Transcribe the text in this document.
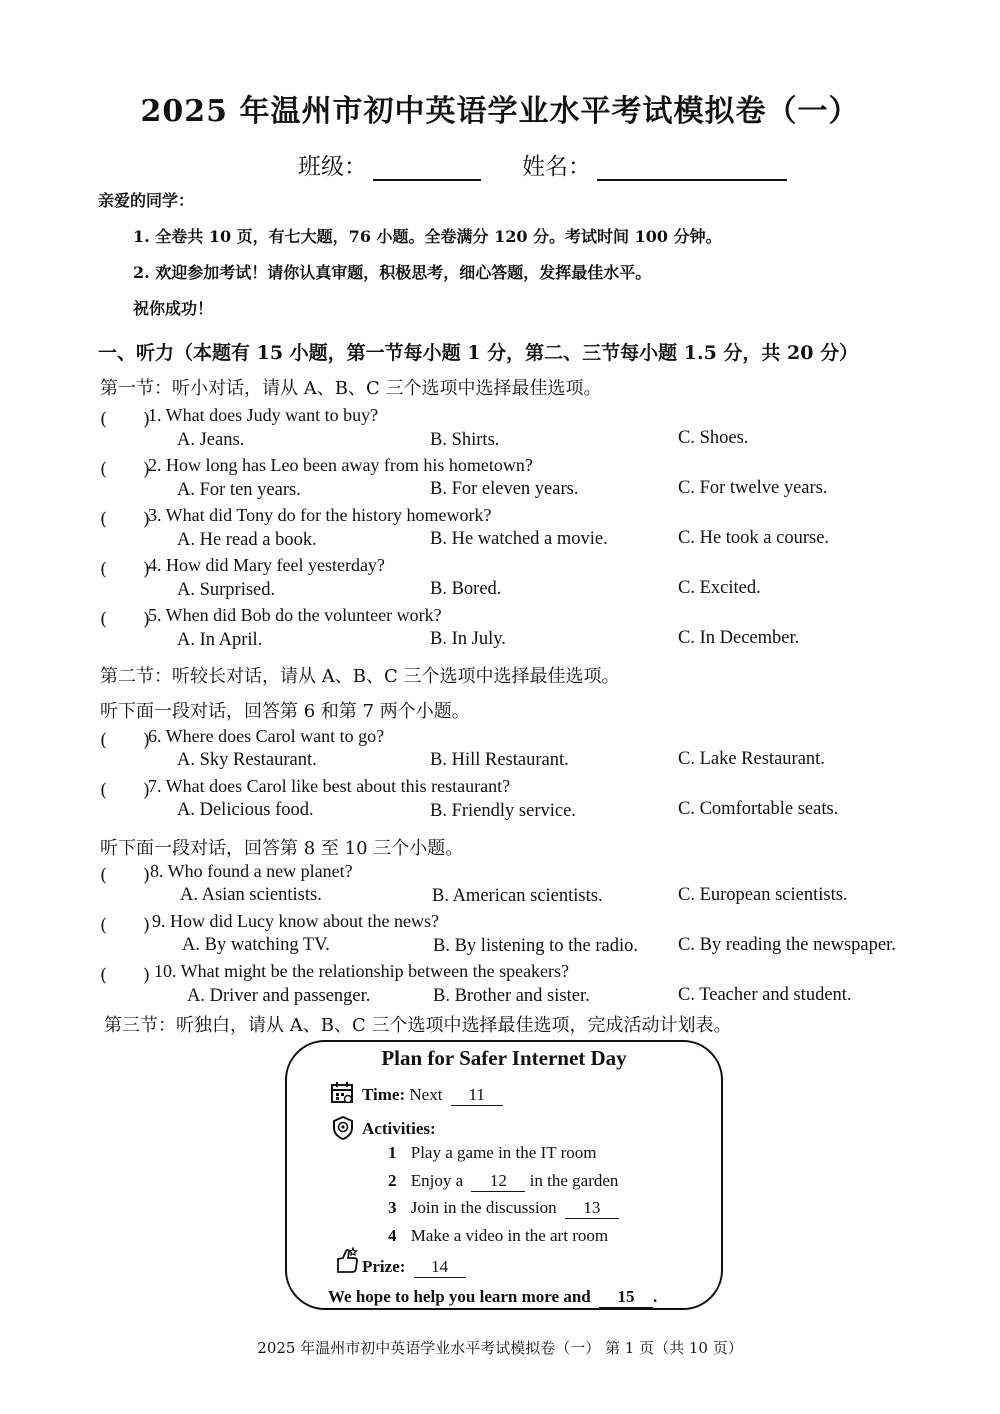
2025 年温州市初中英语学业水平考试模拟卷（一）
班级：	姓名：
亲爱的同学：
1. 全卷共 10 页，有七大题，76 小题。全卷满分 120 分。考试时间 100 分钟。
2. 欢迎参加考试！请你认真审题，积极思考，细心答题，发挥最佳水平。
祝你成功！
一、听力（本题有 15 小题，第一节每小题 1 分，第二、三节每小题 1.5 分，共 20 分）
第一节：听小对话，请从 A、B、C 三个选项中选择最佳选项。
(　　)
1. What does Judy want to buy?
A. Jeans.	B. Shirts.	C. Shoes.
(　　)
2. How long has Leo been away from his hometown?
A. For ten years.	B. For eleven years.	C. For twelve years.
(　　)
3. What did Tony do for the history homework?
A. He read a book.	B. He watched a movie.	C. He took a course.
(　　)
4. How did Mary feel yesterday?
A. Surprised.	B. Bored.	C. Excited.
(　　)
5. When did Bob do the volunteer work?
A. In April.	B. In July.	C. In December.
第二节：听较长对话，请从 A、B、C 三个选项中选择最佳选项。
听下面一段对话，回答第 6 和第 7 两个小题。
(　　)
6. Where does Carol want to go?
A. Sky Restaurant.	B. Hill Restaurant.	C. Lake Restaurant.
(　　)
7. What does Carol like best about this restaurant?
A. Delicious food.	B. Friendly service.	C. Comfortable seats.
听下面一段对话，回答第 8 至 10 三个小题。
(　　) 8. Who found a new planet?
A. Asian scientists.	B. American scientists.	C. European scientists.
(　　) 9. How did Lucy know about the news?
A. By watching TV.	B. By listening to the radio. C. By reading the newspaper.
(　　) 10. What might be the relationship between the speakers?
A. Driver and passenger.	B. Brother and sister.	C. Teacher and student.
第三节：听独白，请从 A、B、C 三个选项中选择最佳选项，完成活动计划表。
Plan for Safer Internet Day
Time: Next 11
Activities:
1 Play a game in the IT room
2 Enjoy a 12 in the garden
3 Join in the discussion 13
4 Make a video in the art room
Prize: 14
We hope to help you learn more and 15 .
2025 年温州市初中英语学业水平考试模拟卷（一） 第 1 页（共 10 页）
